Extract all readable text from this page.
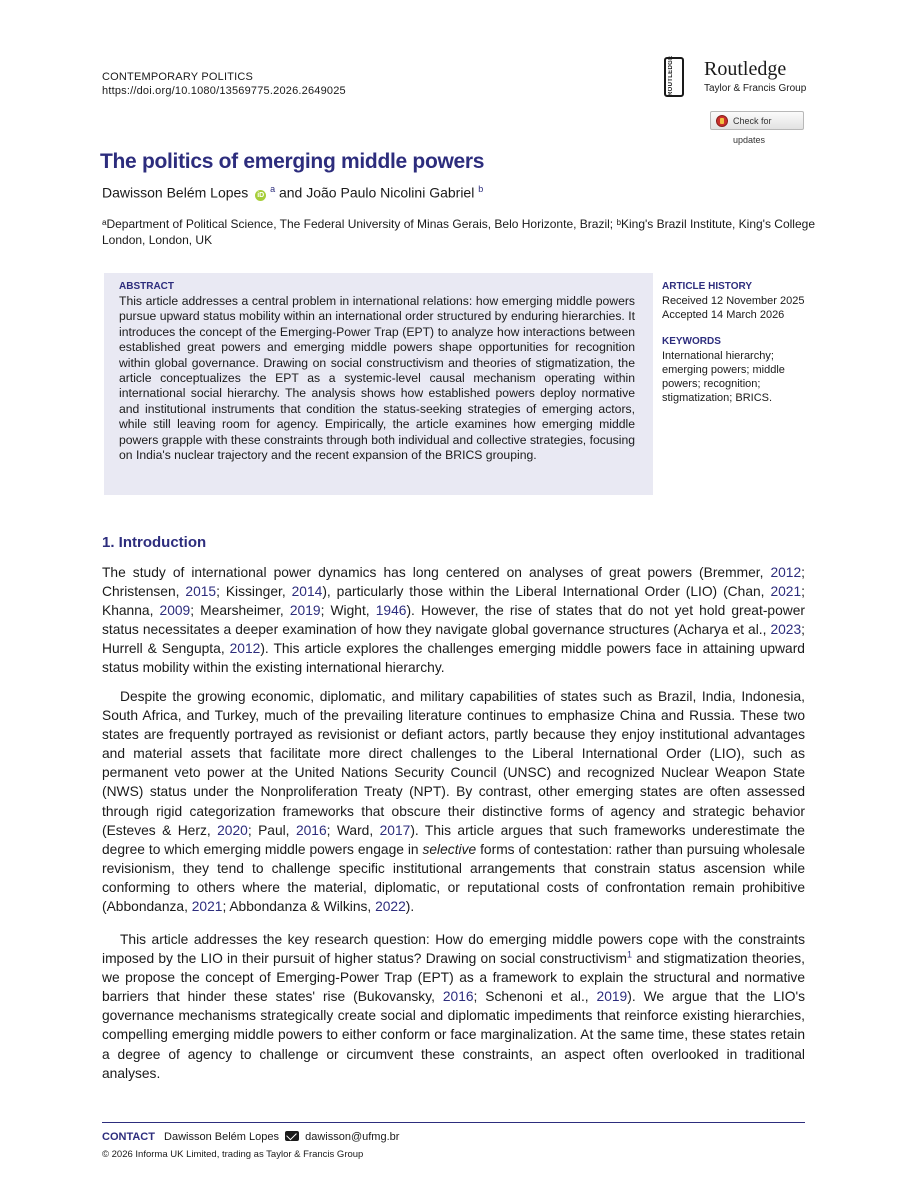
CONTEMPORARY POLITICS
https://doi.org/10.1080/13569775.2026.2649025	ROUTLEDGE	Routledge
Taylor & Francis Group
Check for updates
The politics of emerging middle powers
Dawisson Belém Lopes iD $^a$ and João Paulo Nicolini Gabriel $^b$
ᵃDepartment of Political Science, The Federal University of Minas Gerais, Belo Horizonte, Brazil; ᵇKing's Brazil Institute, King's College London, London, UK
ABSTRACT
This article addresses a central problem in international relations: how emerging middle powers pursue upward status mobility within an international order structured by enduring hierarchies. It introduces the concept of the Emerging-Power Trap (EPT) to analyze how interactions between established great powers and emerging middle powers shape opportunities for recognition within global governance. Drawing on social constructivism and theories of stigmatization, the article conceptualizes the EPT as a systemic-level causal mechanism operating within international social hierarchy. The analysis shows how established powers deploy normative and institutional instruments that condition the status-seeking strategies of emerging actors, while still leaving room for agency. Empirically, the article examines how emerging middle powers grapple with these constraints through both individual and collective strategies, focusing on India's nuclear trajectory and the recent expansion of the BRICS grouping.
ARTICLE HISTORY
Received 12 November 2025
Accepted 14 March 2026
KEYWORDS
International hierarchy; emerging powers; middle powers; recognition; stigmatization; BRICS.
1. Introduction
The study of international power dynamics has long centered on analyses of great powers (Bremmer, 2012; Christensen, 2015; Kissinger, 2014), particularly those within the Liberal International Order (LIO) (Chan, 2021; Khanna, 2009; Mearsheimer, 2019; Wight, 1946). However, the rise of states that do not yet hold great-power status necessitates a deeper examination of how they navigate global governance structures (Acharya et al., 2023; Hurrell & Sengupta, 2012). This article explores the challenges emerging middle powers face in attaining upward status mobility within the existing international hierarchy.
Despite the growing economic, diplomatic, and military capabilities of states such as Brazil, India, Indonesia, South Africa, and Turkey, much of the prevailing literature continues to emphasize China and Russia. These two states are frequently portrayed as revisionist or defiant actors, partly because they enjoy institutional advantages and material assets that facilitate more direct challenges to the Liberal International Order (LIO), such as permanent veto power at the United Nations Security Council (UNSC) and recognized Nuclear Weapon State (NWS) status under the Nonproliferation Treaty (NPT). By contrast, other emerging states are often assessed through rigid categorization frameworks that obscure their distinctive forms of agency and strategic behavior (Esteves & Herz, 2020; Paul, 2016; Ward, 2017). This article argues that such frameworks underestimate the degree to which emerging middle powers engage in selective forms of contestation: rather than pursuing wholesale revisionism, they tend to challenge specific institutional arrangements that constrain status ascension while conforming to others where the material, diplomatic, or reputational costs of confrontation remain prohibitive (Abbondanza, 2021; Abbondanza & Wilkins, 2022).
This article addresses the key research question: How do emerging middle powers cope with the constraints imposed by the LIO in their pursuit of higher status? Drawing on social constructivism$^1$ and stigmatization theories, we propose the concept of Emerging-Power Trap (EPT) as a framework to explain the structural and normative barriers that hinder these states' rise (Bukovansky, 2016; Schenoni et al., 2019). We argue that the LIO's governance mechanisms strategically create social and diplomatic impediments that reinforce existing hierarchies, compelling emerging middle powers to either conform or face marginalization. At the same time, these states retain a degree of agency to challenge or circumvent these constraints, an aspect often overlooked in traditional analyses.
CONTACT Dawisson Belém Lopes dawisson@ufmg.br
© 2026 Informa UK Limited, trading as Taylor & Francis Group
